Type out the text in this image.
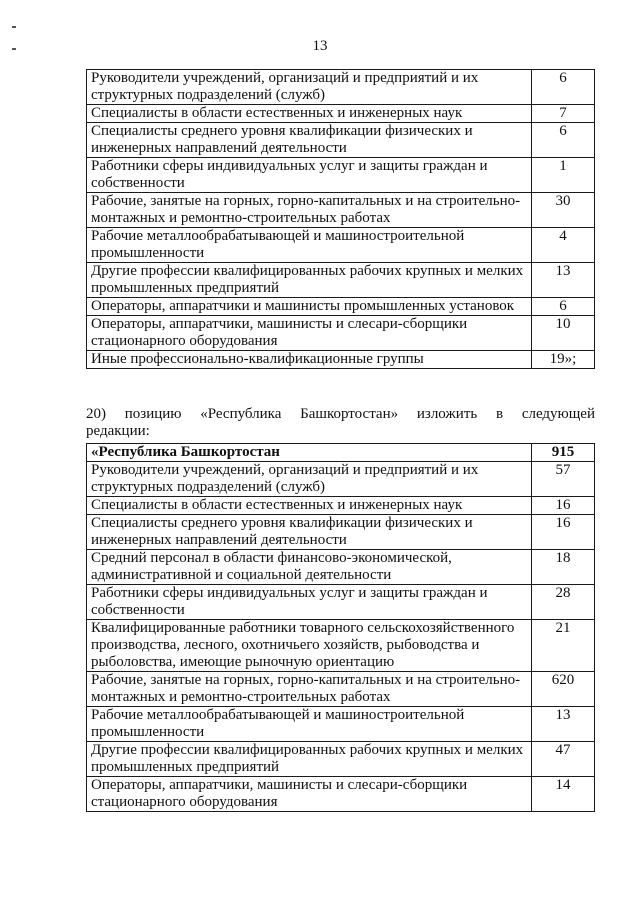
13
Руководители учреждений, организаций и предприятий и их структурных подразделений (служб)	6
Специалисты в области естественных и инженерных наук	7
Специалисты среднего уровня квалификации физических и инженерных направлений деятельности	6
Работники сферы индивидуальных услуг и защиты граждан и собственности	1
Рабочие, занятые на горных, горно-капитальных и на строительно-монтажных и ремонтно-строительных работах	30
Рабочие металлообрабатывающей и машиностроительной промышленности	4
Другие профессии квалифицированных рабочих крупных и мелких промышленных предприятий	13
Операторы, аппаратчики и машинисты промышленных установок	6
Операторы, аппаратчики, машинисты и слесари-сборщики стационарного оборудования	10
Иные профессионально-квалификационные группы	19»;
20) позицию «Республика Башкортостан» изложить в следующей
редакции:
«Республика Башкортостан	915
Руководители учреждений, организаций и предприятий и их структурных подразделений (служб)	57
Специалисты в области естественных и инженерных наук	16
Специалисты среднего уровня квалификации физических и инженерных направлений деятельности	16
Средний персонал в области финансово-экономической, административной и социальной деятельности	18
Работники сферы индивидуальных услуг и защиты граждан и собственности	28
Квалифицированные работники товарного сельскохозяйственного производства, лесного, охотничьего хозяйств, рыбоводства и рыболовства, имеющие рыночную ориентацию	21
Рабочие, занятые на горных, горно-капитальных и на строительно-монтажных и ремонтно-строительных работах	620
Рабочие металлообрабатывающей и машиностроительной промышленности	13
Другие профессии квалифицированных рабочих крупных и мелких промышленных предприятий	47
Операторы, аппаратчики, машинисты и слесари-сборщики стационарного оборудования	14
